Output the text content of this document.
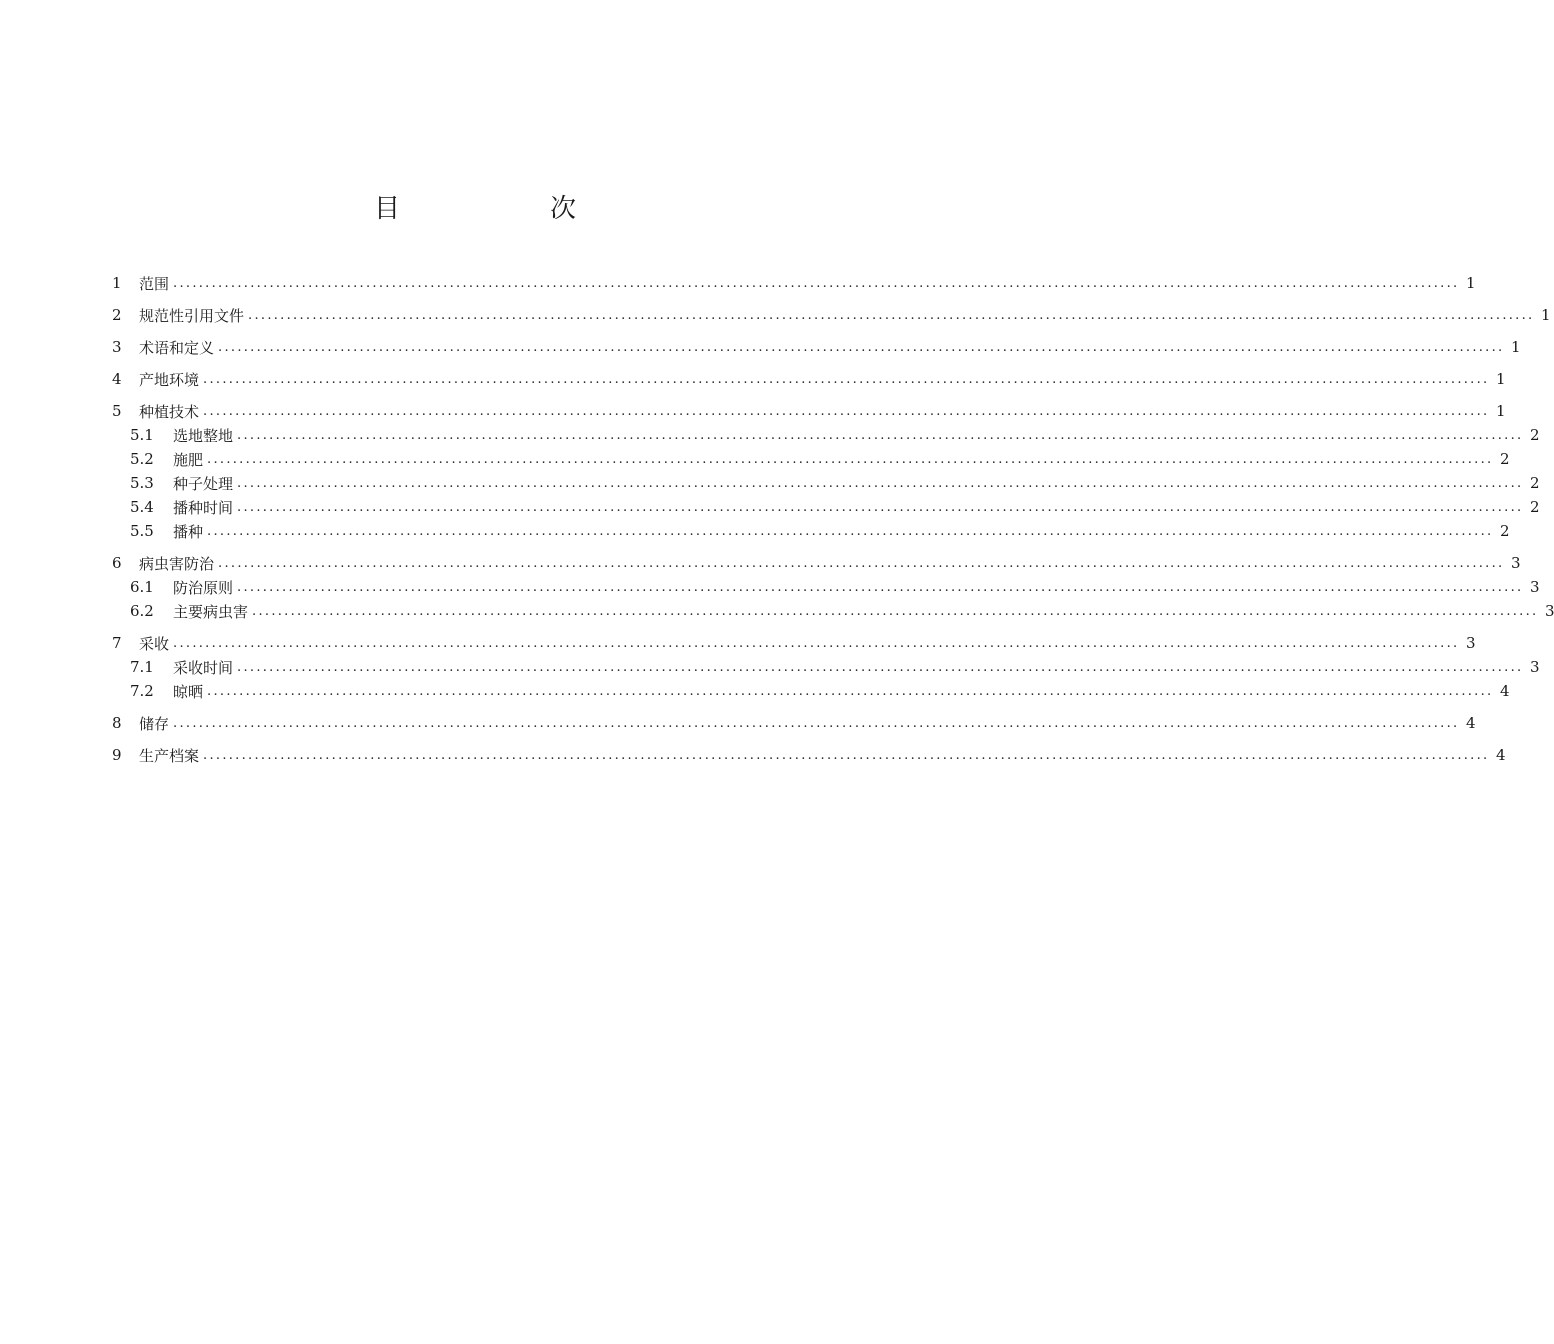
目　次
1	范围 ........................................................................................................................................................................................................ 1
2	规范性引用文件 ........................................................................................................................................................................................................ 1
3	术语和定义 ........................................................................................................................................................................................................ 1
4	产地环境 ........................................................................................................................................................................................................ 1
5	种植技术 ........................................................................................................................................................................................................ 1
5.1	选地整地 ........................................................................................................................................................................................................ 2
5.2	施肥 ........................................................................................................................................................................................................ 2
5.3	种子处理 ........................................................................................................................................................................................................ 2
5.4	播种时间 ........................................................................................................................................................................................................ 2
5.5	播种 ........................................................................................................................................................................................................ 2
6	病虫害防治 ........................................................................................................................................................................................................ 3
6.1	防治原则 ........................................................................................................................................................................................................ 3
6.2	主要病虫害 ........................................................................................................................................................................................................ 3
7	采收 ........................................................................................................................................................................................................ 3
7.1	采收时间 ........................................................................................................................................................................................................ 3
7.2	晾晒 ........................................................................................................................................................................................................ 4
8	储存 ........................................................................................................................................................................................................ 4
9	生产档案 ........................................................................................................................................................................................................ 4
